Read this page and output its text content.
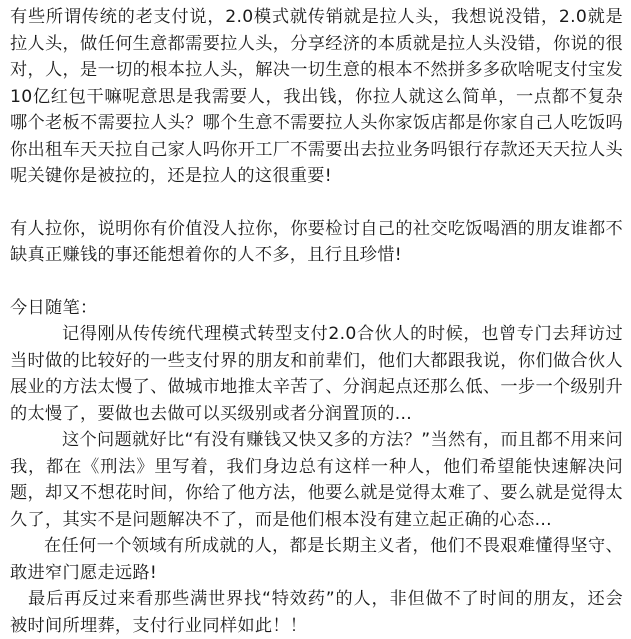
有些所谓传统的老支付说，2.0模式就传销就是拉人头，我想说没错，2.0就是拉人头，做任何生意都需要拉人头，分享经济的本质就是拉人头没错，你说的很对，人，是一切的根本拉人头，解决一切生意的根本不然拼多多砍啥呢支付宝发10亿红包干嘛呢意思是我需要人，我出钱，你拉人就这么简单，一点都不复杂哪个老板不需要拉人头？哪个生意不需要拉人头你家饭店都是你家自己人吃饭吗你出租车天天拉自己家人吗你开工厂不需要出去拉业务吗银行存款还天天拉人头呢关键你是被拉的，还是拉人的这很重要!

有人拉你，说明你有价值没人拉你，你要检讨自己的社交吃饭喝酒的朋友谁都不缺真正赚钱的事还能想着你的人不多，且行且珍惜!

今日随笔：

记得刚从传传统代理模式转型支付2.0合伙人的时候，也曾专门去拜访过当时做的比较好的一些支付界的朋友和前辈们，他们大都跟我说，你们做合伙人展业的方法太慢了、做城市地推太辛苦了、分润起点还那么低、一步一个级别升的太慢了，要做也去做可以买级别或者分润置顶的...

这个问题就好比“有没有赚钱又快又多的方法？”当然有，而且都不用来问我，都在《刑法》里写着，我们身边总有这样一种人，他们希望能快速解决问题，却又不想花时间，你给了他方法，他要么就是觉得太难了、要么就是觉得太久了，其实不是问题解决不了，而是他们根本没有建立起正确的心态...

在任何一个领域有所成就的人，都是长期主义者，他们不畏艰难懂得坚守、敢进窄门愿走远路!

最后再反过来看那些满世界找“特效药”的人，非但做不了时间的朋友，还会被时间所埋葬，支付行业同样如此！！
